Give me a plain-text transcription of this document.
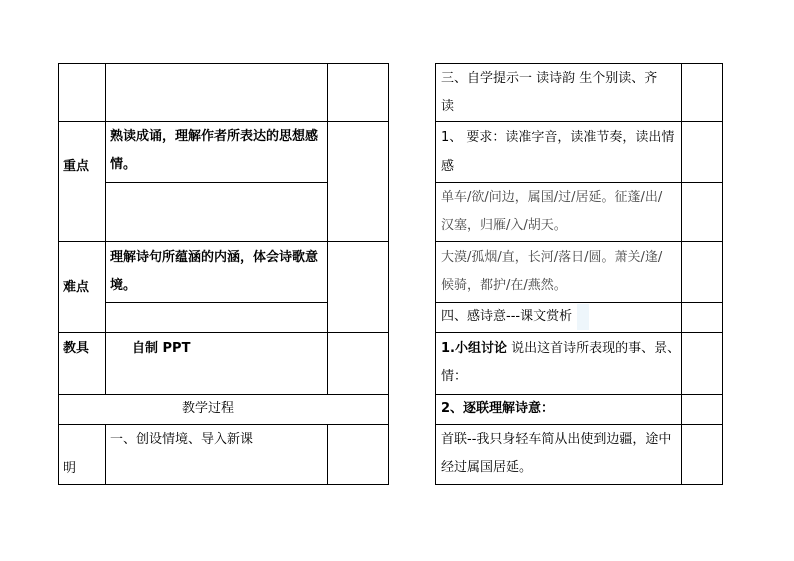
重点
熟读成诵，理解作者所表达的思想感
情。
难点
理解诗句所蕴涵的内涵，体会诗歌意
境。
教具	自制 PPT
教学过程
明
一、创设情境、导入新课
三、自学提示一 读诗韵 生个别读、齐
读
1、 要求：读准字音，读准节奏，读出情
感
单车/欲/问边，属国/过/居延。征蓬/出/
汉塞，归雁/入/胡天。
大漠/孤烟/直，长河/落日/圆。萧关/逢/
候骑，都护/在/燕然。
四、感诗意---课文赏析
1.小组讨论 说出这首诗所表现的事、景、
情：
2、逐联理解诗意：
首联--我只身轻车简从出使到边疆，途中
经过属国居延。
